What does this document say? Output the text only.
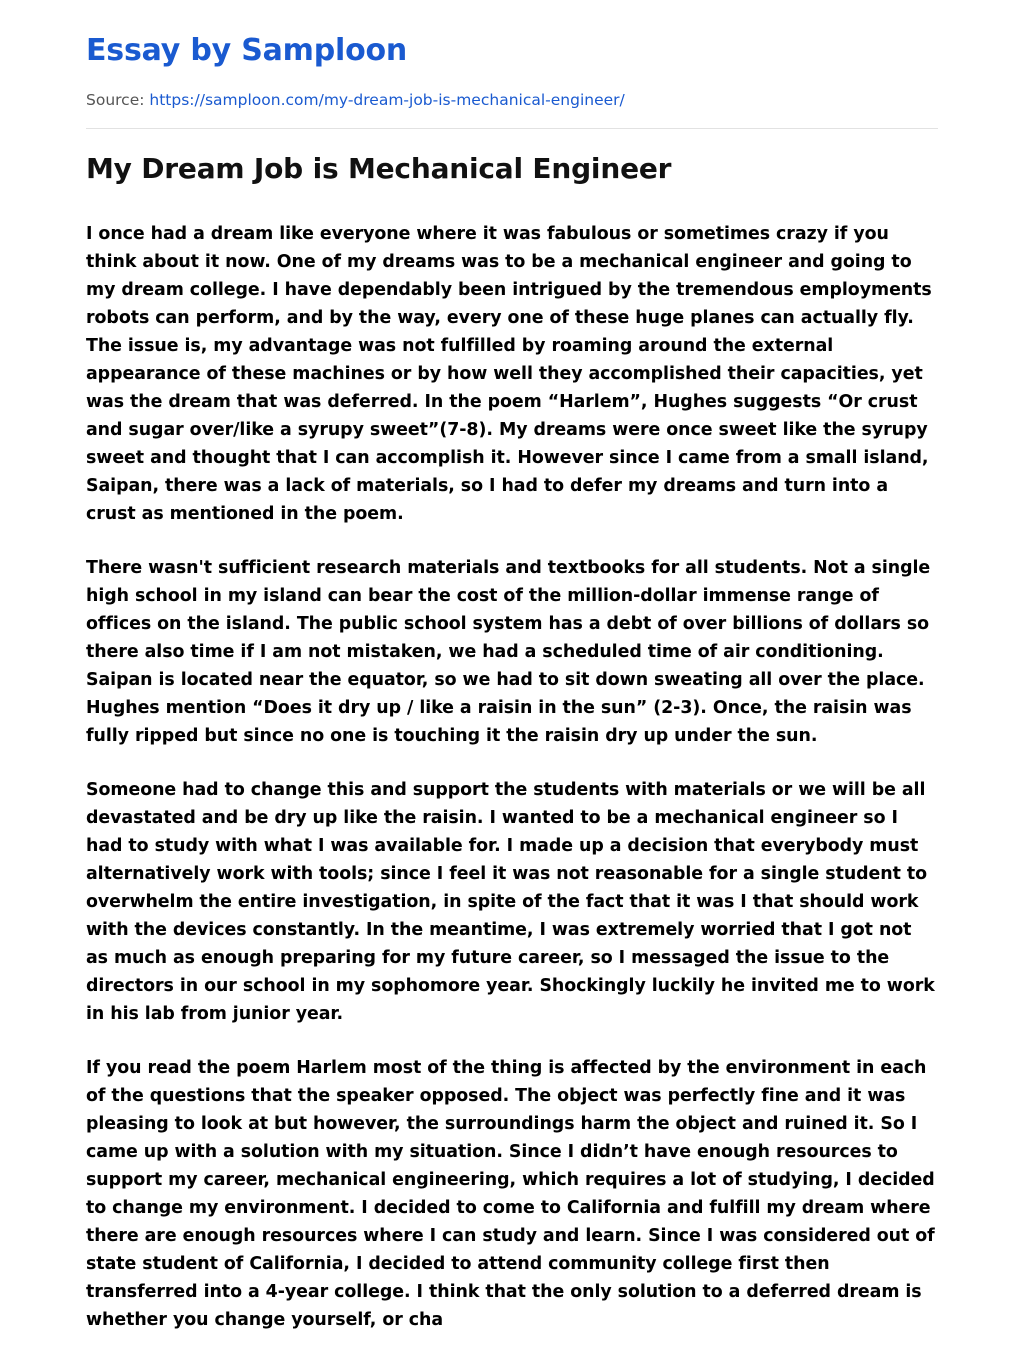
Essay by Samploon
Source: https://samploon.com/my-dream-job-is-mechanical-engineer/
My Dream Job is Mechanical Engineer

I once had a dream like everyone where it was fabulous or sometimes crazy if you think about it now. One of my dreams was to be a mechanical engineer and going to my dream college. I have dependably been intrigued by the tremendous employments robots can perform, and by the way, every one of these huge planes can actually fly. The issue is, my advantage was not fulfilled by roaming around the external appearance of these machines or by how well they accomplished their capacities, yet was the dream that was deferred. In the poem “Harlem”, Hughes suggests “Or crust and sugar over/like a syrupy sweet”(7-8). My dreams were once sweet like the syrupy sweet and thought that I can accomplish it. However since I came from a small island, Saipan, there was a lack of materials, so I had to defer my dreams and turn into a crust as mentioned in the poem.

There wasn't sufficient research materials and textbooks for all students. Not a single high school in my island can bear the cost of the million-dollar immense range of offices on the island. The public school system has a debt of over billions of dollars so there also time if I am not mistaken, we had a scheduled time of air conditioning. Saipan is located near the equator, so we had to sit down sweating all over the place. Hughes mention “Does it dry up / like a raisin in the sun” (2-3). Once, the raisin was fully ripped but since no one is touching it the raisin dry up under the sun.

Someone had to change this and support the students with materials or we will be all devastated and be dry up like the raisin. I wanted to be a mechanical engineer so I had to study with what I was available for. I made up a decision that everybody must alternatively work with tools; since I feel it was not reasonable for a single student to overwhelm the entire investigation, in spite of the fact that it was I that should work with the devices constantly. In the meantime, I was extremely worried that I got not as much as enough preparing for my future career, so I messaged the issue to the directors in our school in my sophomore year. Shockingly luckily he invited me to work in his lab from junior year.

If you read the poem Harlem most of the thing is affected by the environment in each of the questions that the speaker opposed. The object was perfectly fine and it was pleasing to look at but however, the surroundings harm the object and ruined it. So I came up with a solution with my situation. Since I didn’t have enough resources to support my career, mechanical engineering, which requires a lot of studying, I decided to change my environment. I decided to come to California and fulfill my dream where there are enough resources where I can study and learn. Since I was considered out of state student of California, I decided to attend community college first then transferred into a 4-year college. I think that the only solution to a deferred dream is whether you change yourself, or cha
